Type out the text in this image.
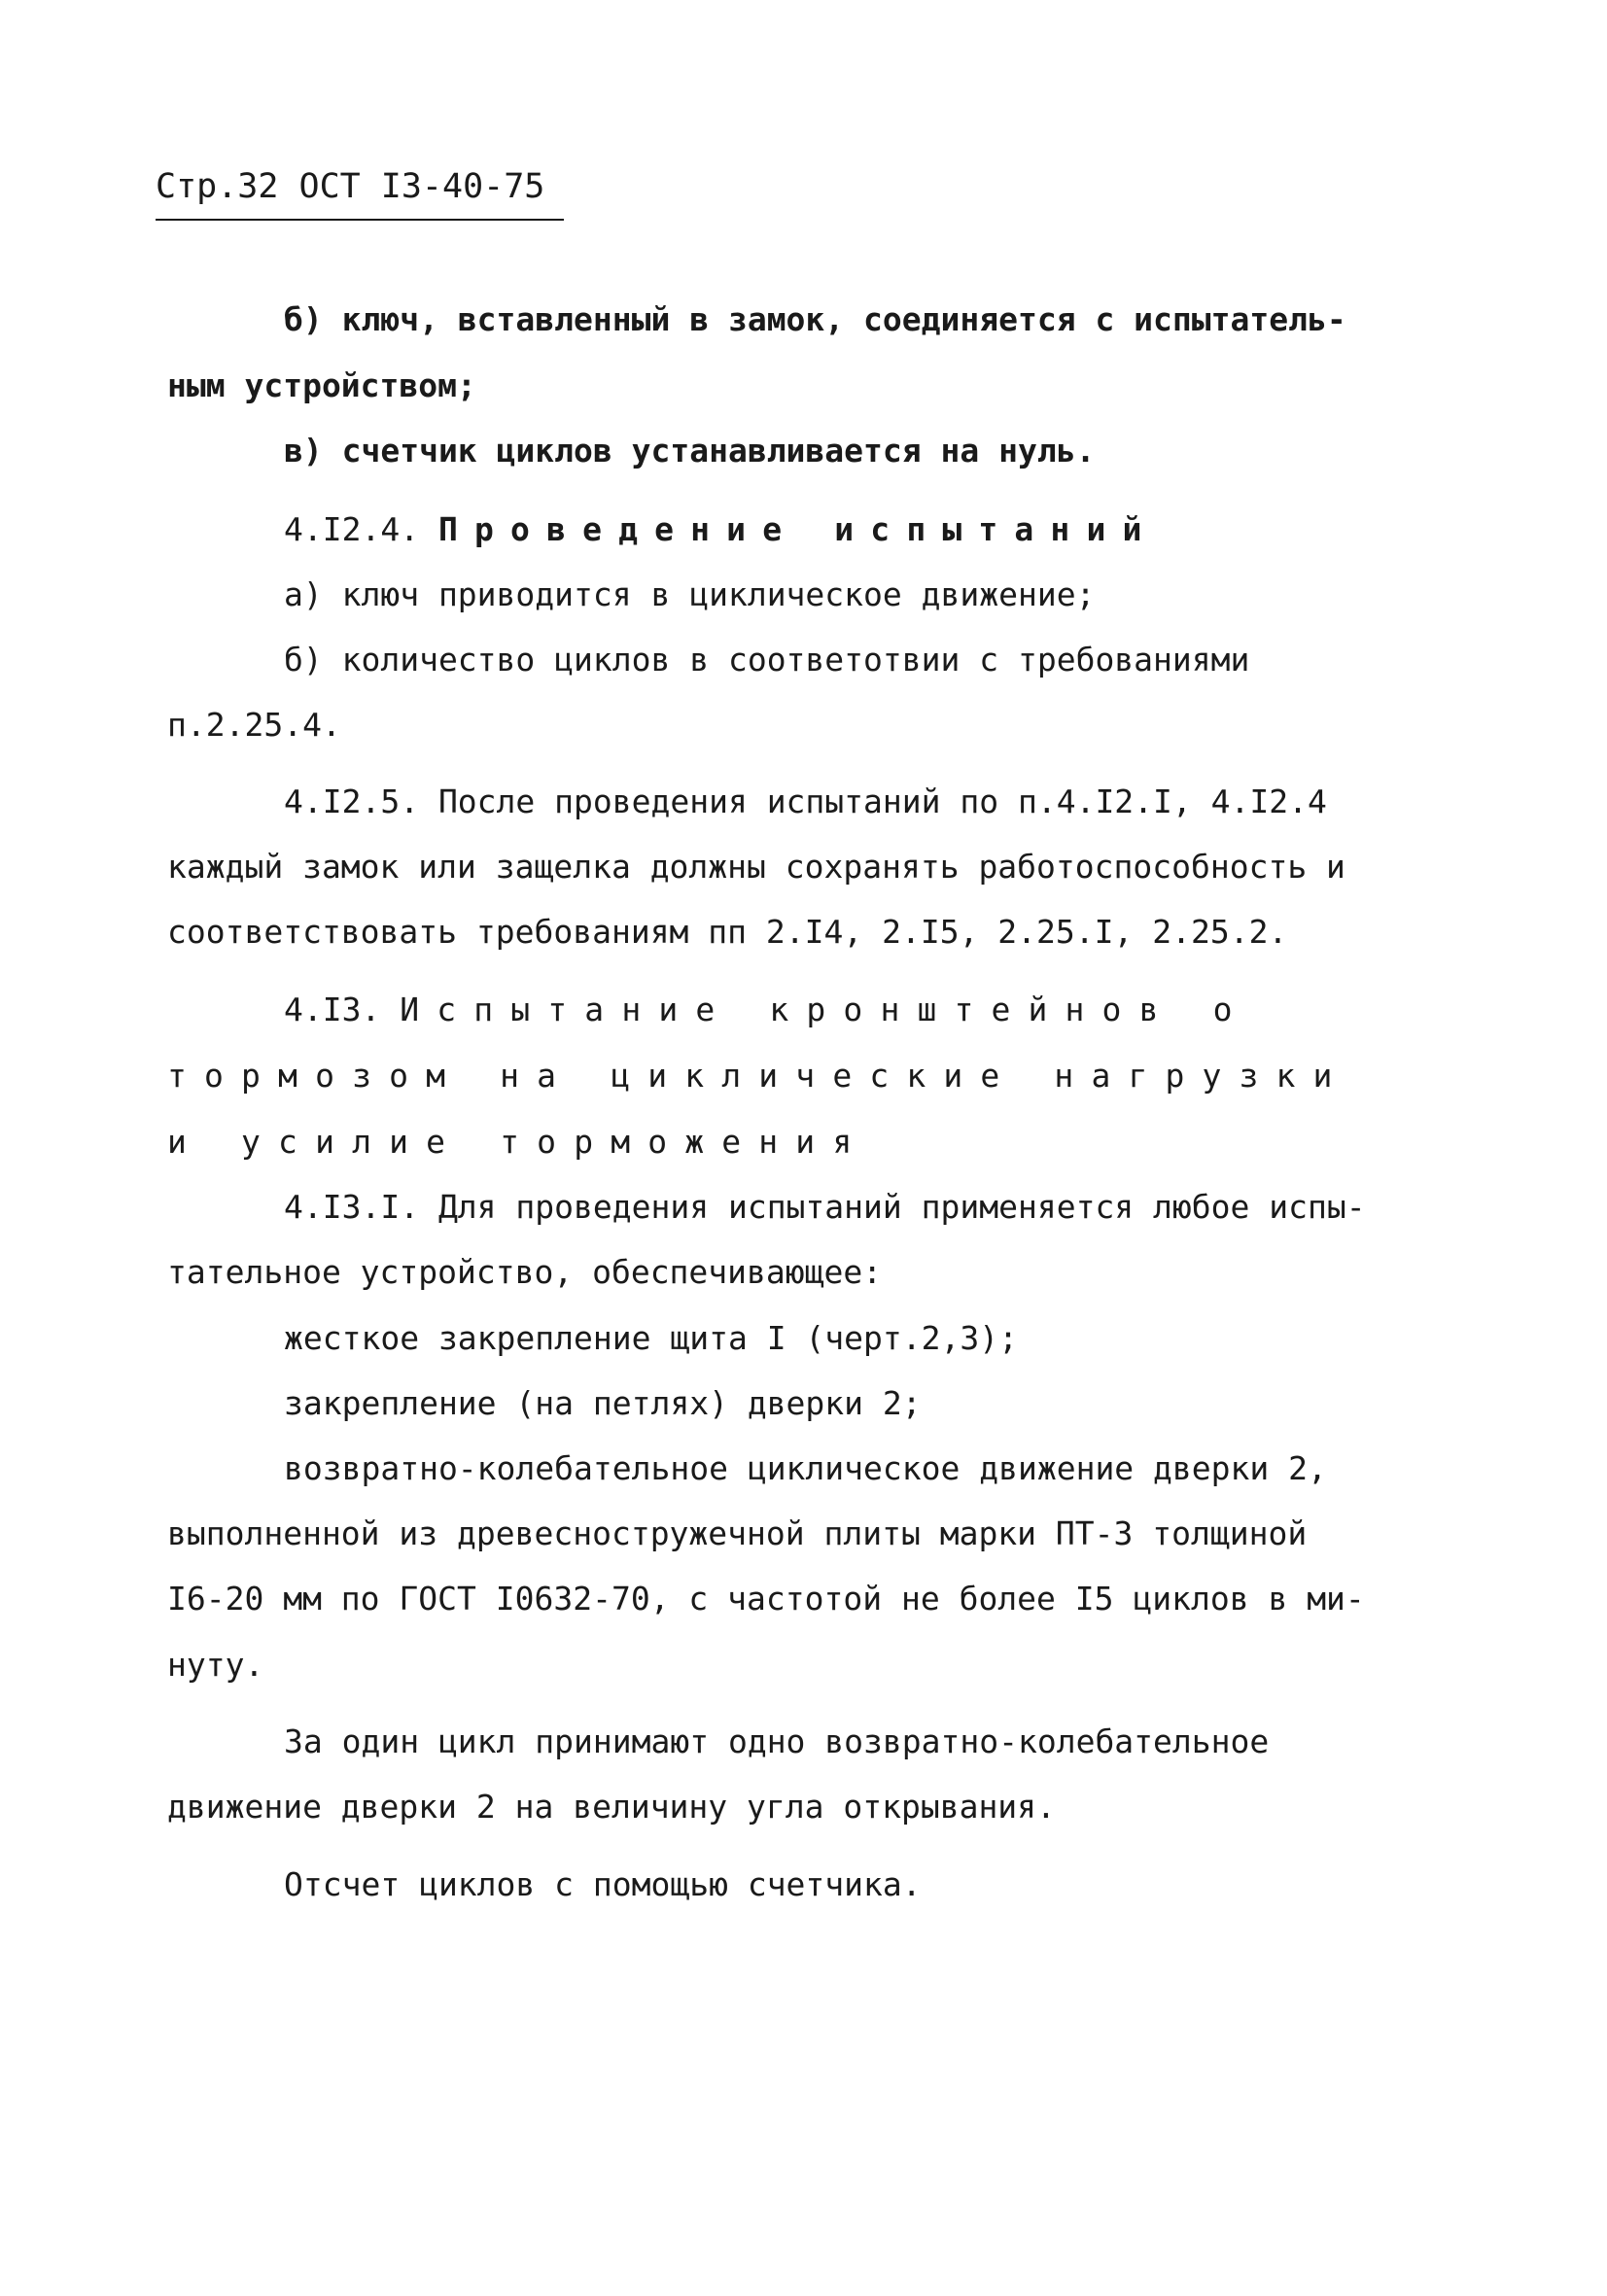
Стр.32 ОСТ I3-40-75
б) ключ, вставленный в замок, соединяется с испытатель-
ным устройством;
в) счетчик циклов устанавливается на нуль.
4.I2.4. Проведение испытаний
а) ключ приводится в циклическое движение;
б) количество циклов в соответотвии с требованиями
п.2.25.4.
4.I2.5. После проведения испытаний по п.4.I2.I, 4.I2.4
каждый замок или защелка должны сохранять работоспособность и
соответствовать требованиям пп 2.I4, 2.I5, 2.25.I, 2.25.2.
4.I3. Испытание кронштейнов о
тормозом на циклические нагрузки
и усилие торможения
4.I3.I. Для проведения испытаний применяется любое испы-
тательное устройство, обеспечивающее:
жесткое закрепление щита I (черт.2,3);
закрепление (на петлях) дверки 2;
возвратно-колебательное циклическое движение дверки 2,
выполненной из древесностружечной плиты марки ПТ-3 толщиной
I6-20 мм по ГОСТ I0632-70, с частотой не более I5 циклов в ми-
нуту.
За один цикл принимают одно возвратно-колебательное
движение дверки 2 на величину угла открывания.
Отсчет циклов с помощью счетчика.
